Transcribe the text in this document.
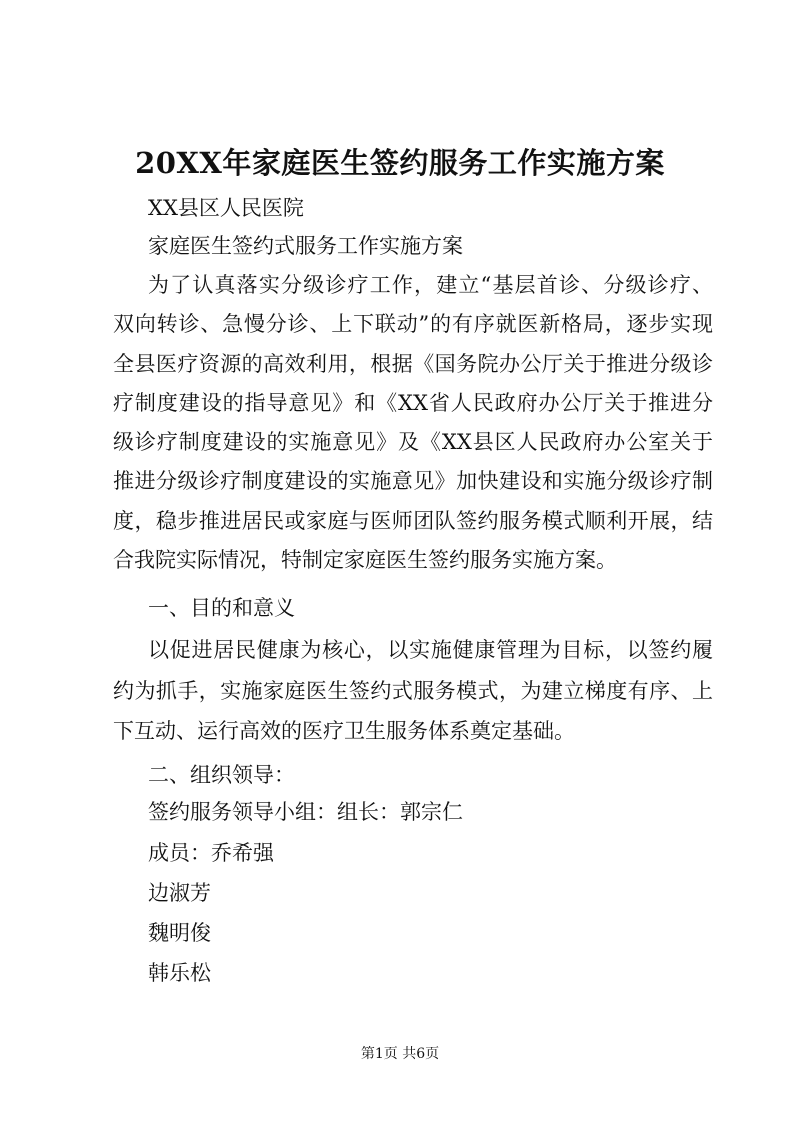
20XX年家庭医生签约服务工作实施方案

XX县区人民医院

家庭医生签约式服务工作实施方案

为了认真落实分级诊疗工作，建立“基层首诊、分级诊疗、

双向转诊、急慢分诊、上下联动”的有序就医新格局，逐步实现

全县医疗资源的高效利用，根据《国务院办公厅关于推进分级诊

疗制度建设的指导意见》和《XX省人民政府办公厅关于推进分

级诊疗制度建设的实施意见》及《XX县区人民政府办公室关于

推进分级诊疗制度建设的实施意见》加快建设和实施分级诊疗制

度，稳步推进居民或家庭与医师团队签约服务模式顺利开展，结

合我院实际情况，特制定家庭医生签约服务实施方案。

一、目的和意义

以促进居民健康为核心，以实施健康管理为目标，以签约履

约为抓手，实施家庭医生签约式服务模式，为建立梯度有序、上

下互动、运行高效的医疗卫生服务体系奠定基础。

二、组织领导：

签约服务领导小组：组长：郭宗仁

成员：乔希强

边淑芳

魏明俊

韩乐松

第1页 共6页
